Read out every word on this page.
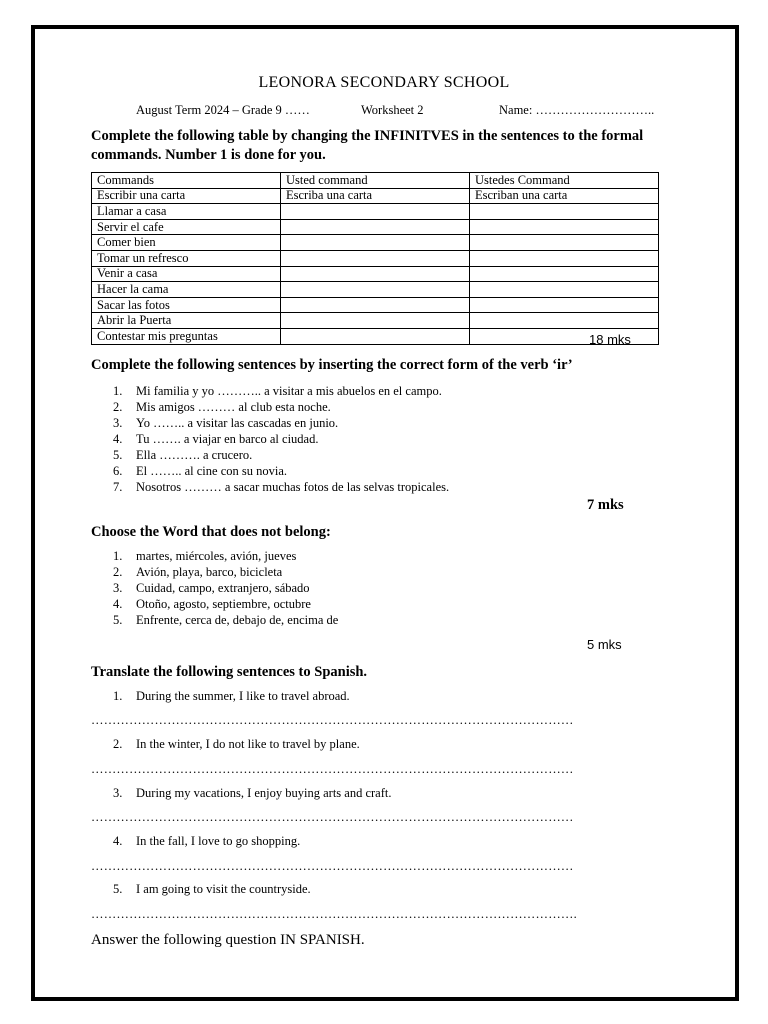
LEONORA SECONDARY SCHOOL
August Term 2024 – Grade 9 ……	Worksheet 2	Name: ………………………..
Complete the following table by changing the INFINITVES in the sentences to the formal commands. Number 1 is done for you.
Commands	Usted command	Ustedes Command
Escribir una carta	Escriba una carta	Escriban una carta
Llamar a casa		
Servir el cafe		
Comer bien		
Tomar un refresco		
Venir a casa		
Hacer la cama		
Sacar las fotos		
Abrir la Puerta		
Contestar mis preguntas			18 mks
Complete the following sentences by inserting the correct form of the verb ‘ir’
1. Mi familia y yo ……….. a visitar a mis abuelos en el campo.
2. Mis amigos ……… al club esta noche.
3. Yo …….. a visitar las cascadas en junio.
4. Tu ……. a viajar en barco al ciudad.
5. Ella ………. a crucero.
6. El …….. al cine con su novia.
7. Nosotros ……… a sacar muchas fotos de las selvas tropicales.
7 mks
Choose the Word that does not belong:
1. martes, miércoles, avión, jueves
2. Avión, playa, barco, bicicleta
3. Cuidad, campo, extranjero, sábado
4. Otoño, agosto, septiembre, octubre
5. Enfrente, cerca de, debajo de, encima de
5 mks
Translate the following sentences to Spanish.
1. During the summer, I like to travel abroad.
……………………………………………………………………………………………………
2. In the winter, I do not like to travel by plane.
……………………………………………………………………………………………………
3. During my vacations, I enjoy buying arts and craft.
……………………………………………………………………………………………………
4. In the fall, I love to go shopping.
……………………………………………………………………………………………………
5. I am going to visit the countryside.
…………………………………………………………………………………………………….
Answer the following question IN SPANISH.
